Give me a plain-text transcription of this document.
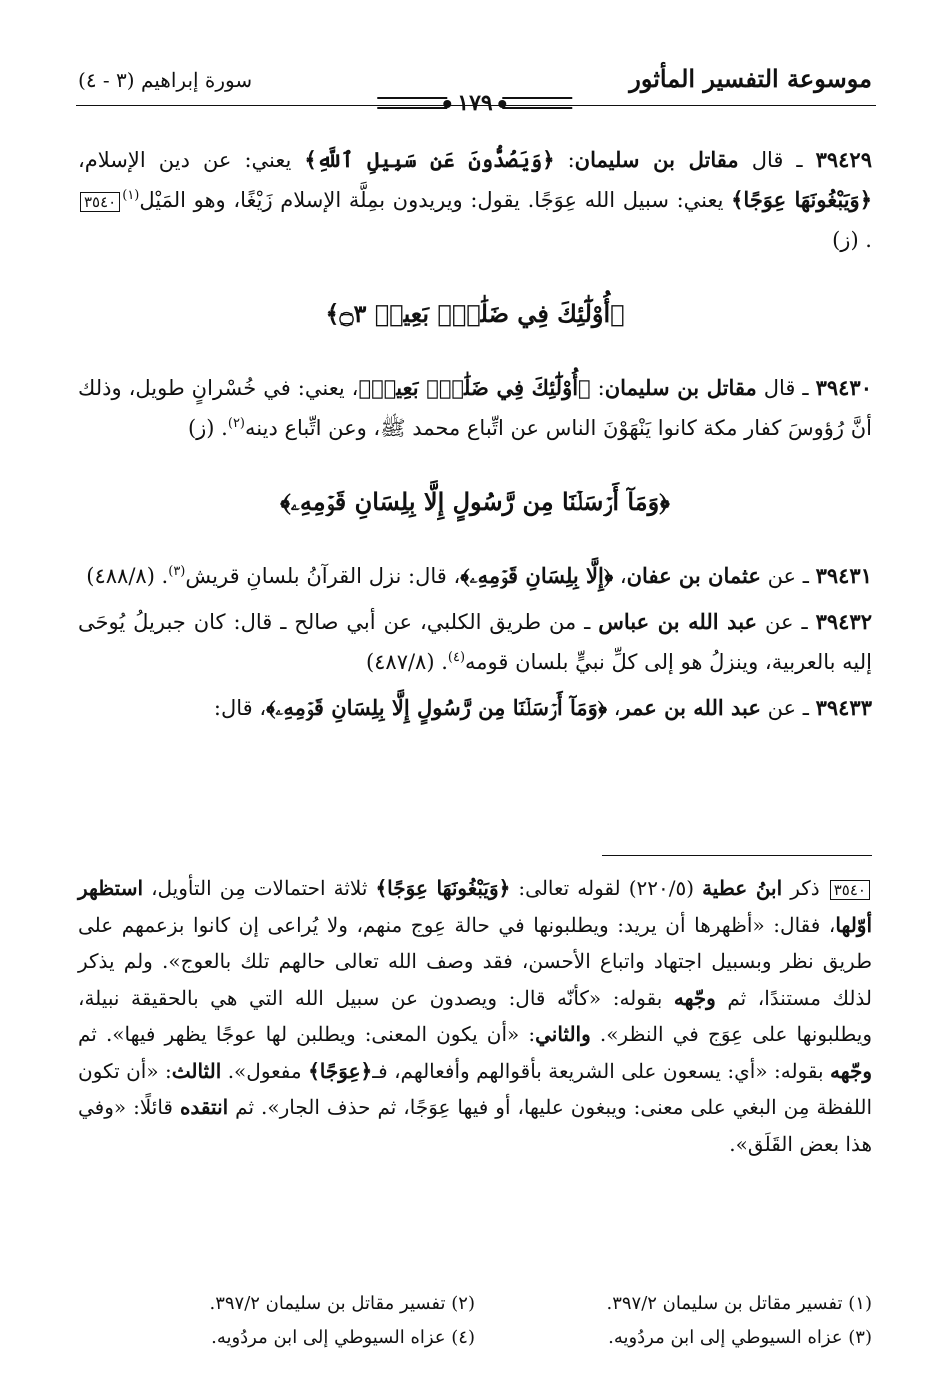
موسوعة التفسير المأثور
١٧٩
سورة إبراهيم (٣ - ٤)

٣٩٤٢٩ ـ قال مقاتل بن سليمان: ﴿وَيَصُدُّونَ عَن سَبِيلِ ٱللَّهِ﴾ يعني: عن دين الإسلام، ﴿وَيَبْغُونَهَا عِوَجًا﴾ يعني: سبيل الله عِوَجًا. يقول: ويريدون بمِلَّة الإسلام زَيْغًا، وهو المَيْل$^{(١)}$٣٥٤٠. (ز)

﴿أُوْلَٰٓئِكَ فِي ضَلَٰلِۭ بَعِيدٖ ۝٣﴾

٣٩٤٣٠ ـ قال مقاتل بن سليمان: ﴿أُوْلَٰٓئِكَ فِي ضَلَٰلِۭ بَعِيدٖ﴾، يعني: في خُسْرانٍ طويل، وذلك أنَّ رُؤوسَ كفار مكة كانوا يَنْهَوْنَ الناس عن اتِّباع محمد ﷺ، وعن اتِّباع دينه$^{(٢)}$. (ز)

﴿وَمَآ أَرۡسَلۡنَا مِن رَّسُولٍ إِلَّا بِلِسَانِ قَوۡمِهِۦ﴾

٣٩٤٣١ ـ عن عثمان بن عفان، ﴿إِلَّا بِلِسَانِ قَوۡمِهِۦ﴾، قال: نزل القرآنُ بلسانِ قريش$^{(٣)}$. (٤٨٨/٨)

٣٩٤٣٢ ـ عن عبد الله بن عباس ـ من طريق الكلبي، عن أبي صالح ـ قال: كان جبريلُ يُوحَى إليه بالعربية، وينزلُ هو إلى كلِّ نبيٍّ بلسان قومه$^{(٤)}$. (٤٨٧/٨)

٣٩٤٣٣ ـ عن عبد الله بن عمر، ﴿وَمَآ أَرۡسَلۡنَا مِن رَّسُولٍ إِلَّا بِلِسَانِ قَوۡمِهِۦ﴾، قال:

٣٥٤٠ ذكر ابنُ عطية (٢٢٠/٥) لقوله تعالى: ﴿وَيَبْغُونَهَا عِوَجًا﴾ ثلاثة احتمالات مِن التأويل، استظهر أوّلها، فقال: «أظهرها أن يريد: ويطلبونها في حالة عِوج منهم، ولا يُراعى إن كانوا بزعمهم على طريق نظر وبسبيل اجتهاد واتباع الأحسن، فقد وصف الله تعالى حالهم تلك بالعوج». ولم يذكر لذلك مستندًا، ثم وجّهه بقوله: «كأنّه قال: ويصدون عن سبيل الله التي هي بالحقيقة نبيلة، ويطلبونها على عِوَج في النظر». والثاني: «أن يكون المعنى: ويطلبن لها عوجًا يظهر فيها». ثم وجّهه بقوله: «أي: يسعون على الشريعة بأقوالهم وأفعالهم، فـ﴿عِوَجًا﴾ مفعول». الثالث: «أن تكون اللفظة مِن البغي على معنى: ويبغون عليها، أو فيها عِوَجًا، ثم حذف الجار». ثم انتقده قائلًا: «وفي هذا بعض القَلَق».
(١) تفسير مقاتل بن سليمان ٣٩٧/٢.
(٢) تفسير مقاتل بن سليمان ٣٩٧/٢.
(٣) عزاه السيوطي إلى ابن مردُويه.
(٤) عزاه السيوطي إلى ابن مردُويه.
